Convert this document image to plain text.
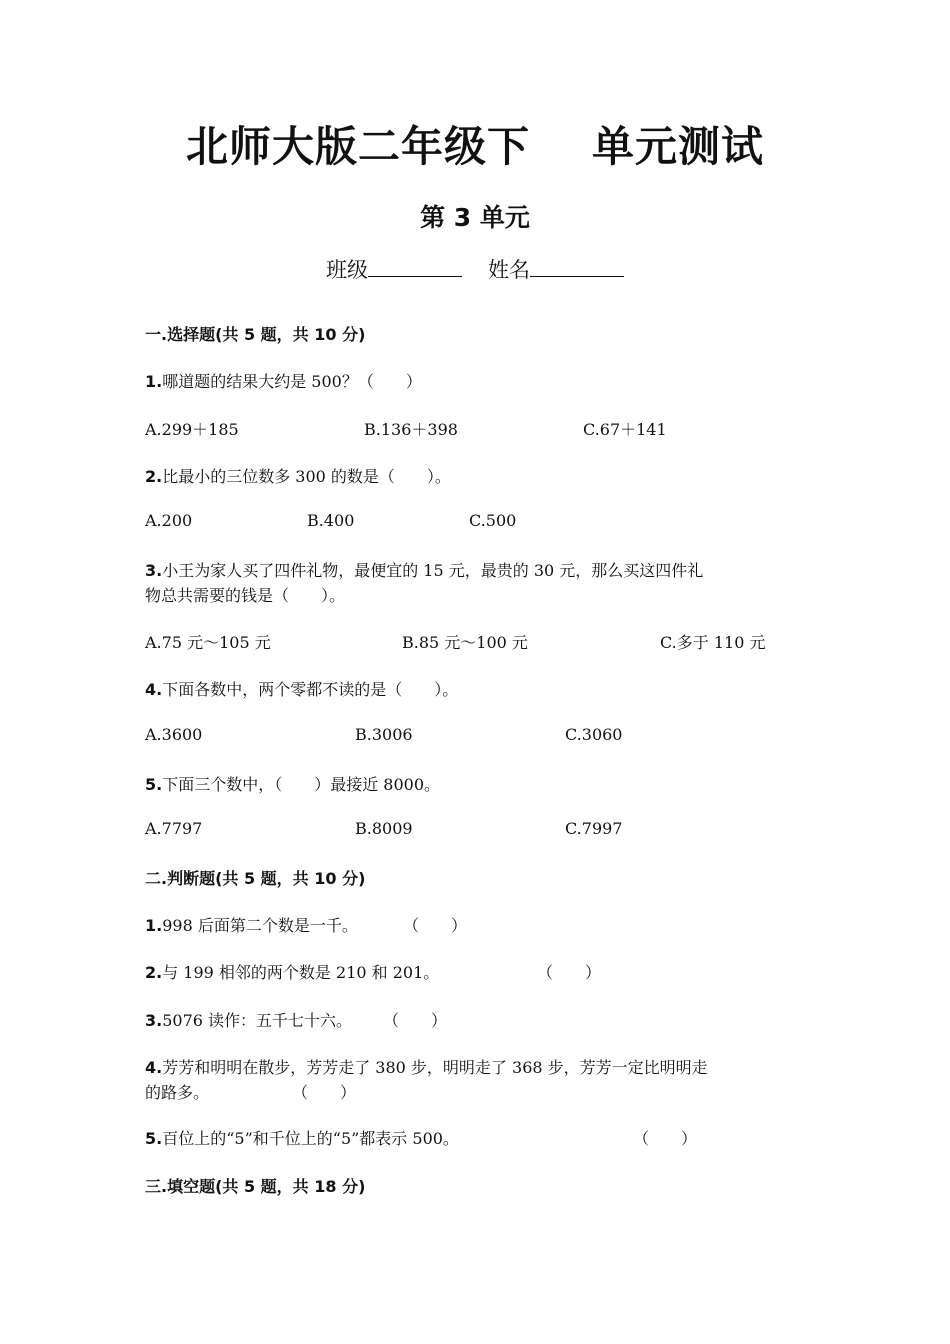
北师大版二年级下 单元测试
第 3 单元
班级	姓名
一.选择题(共 5 题，共 10 分)
1.哪道题的结果大约是 500？（　　）
A.299＋185	B.136＋398	C.67＋141
2.比最小的三位数多 300 的数是（　　）。
A.200	B.400	C.500
3.小王为家人买了四件礼物，最便宜的 15 元，最贵的 30 元，那么买这四件礼
物总共需要的钱是（　　）。
A.75 元～105 元	B.85 元～100 元	C.多于 110 元
4.下面各数中，两个零都不读的是（　　）。
A.3600	B.3006	C.3060
5.下面三个数中，（　　）最接近 8000。
A.7797	B.8009	C.7997
二.判断题(共 5 题，共 10 分)
1.998 后面第二个数是一千。	（　　）
2.与 199 相邻的两个数是 210 和 201。	（　　）
3.5076 读作：五千七十六。 （　　）
4.芳芳和明明在散步，芳芳走了 380 步，明明走了 368 步，芳芳一定比明明走
的路多。	（　　）
5.百位上的“5”和千位上的“5”都表示 500。	（　　）
三.填空题(共 5 题，共 18 分)
